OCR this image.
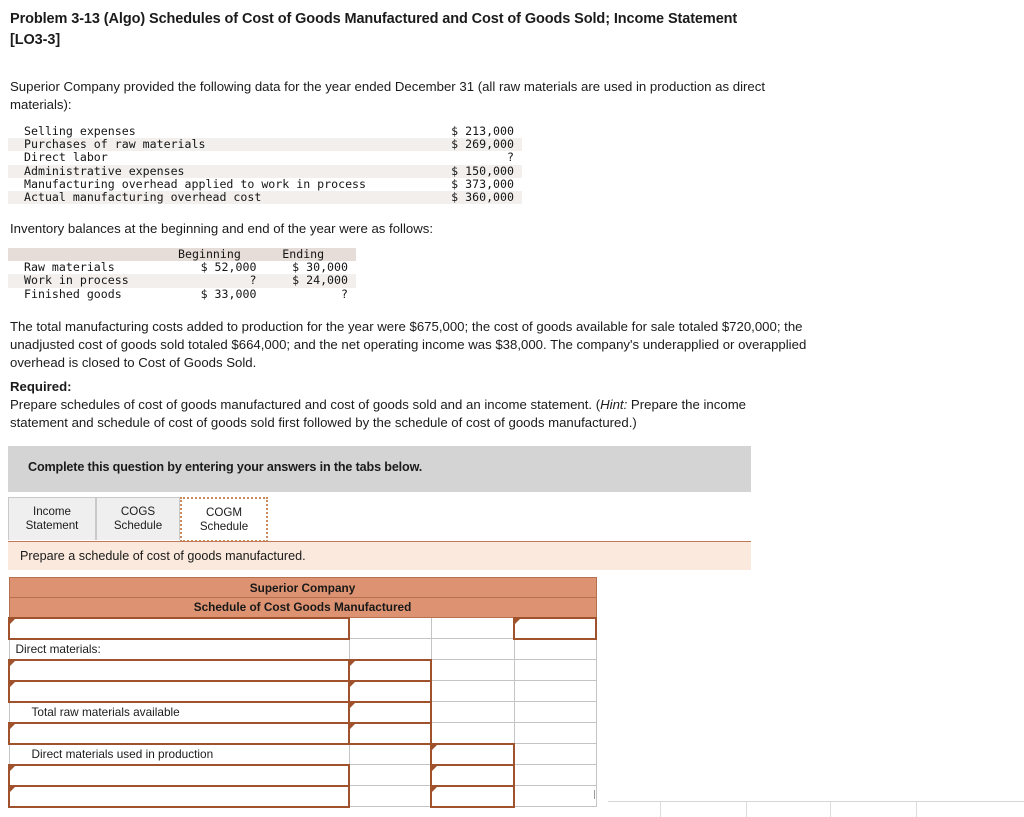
Problem 3-13 (Algo) Schedules of Cost of Goods Manufactured and Cost of Goods Sold; Income Statement [LO3-3]
Superior Company provided the following data for the year ended December 31 (all raw materials are used in production as direct materials):
Selling expenses	$ 213,000
Purchases of raw materials	$ 269,000
Direct labor	?
Administrative expenses	$ 150,000
Manufacturing overhead applied to work in process	$ 373,000
Actual manufacturing overhead cost	$ 360,000
Inventory balances at the beginning and end of the year were as follows:
	Beginning	Ending
Raw materials	$ 52,000	$ 30,000
Work in process	?	$ 24,000
Finished goods	$ 33,000	?
The total manufacturing costs added to production for the year were $675,000; the cost of goods available for sale totaled $720,000; the unadjusted cost of goods sold totaled $664,000; and the net operating income was $38,000. The company's underapplied or overapplied overhead is closed to Cost of Goods Sold.
Required:
Prepare schedules of cost of goods manufactured and cost of goods sold and an income statement. (Hint: Prepare the income statement and schedule of cost of goods sold first followed by the schedule of cost of goods manufactured.)
Complete this question by entering your answers in the tabs below.
Income
Statement
COGS
Schedule
COGM
Schedule
Prepare a schedule of cost of goods manufactured.
Superior Company			
Schedule of Cost Goods Manufactured			

Direct materials:			

Total raw materials available			

Direct materials used in production			
